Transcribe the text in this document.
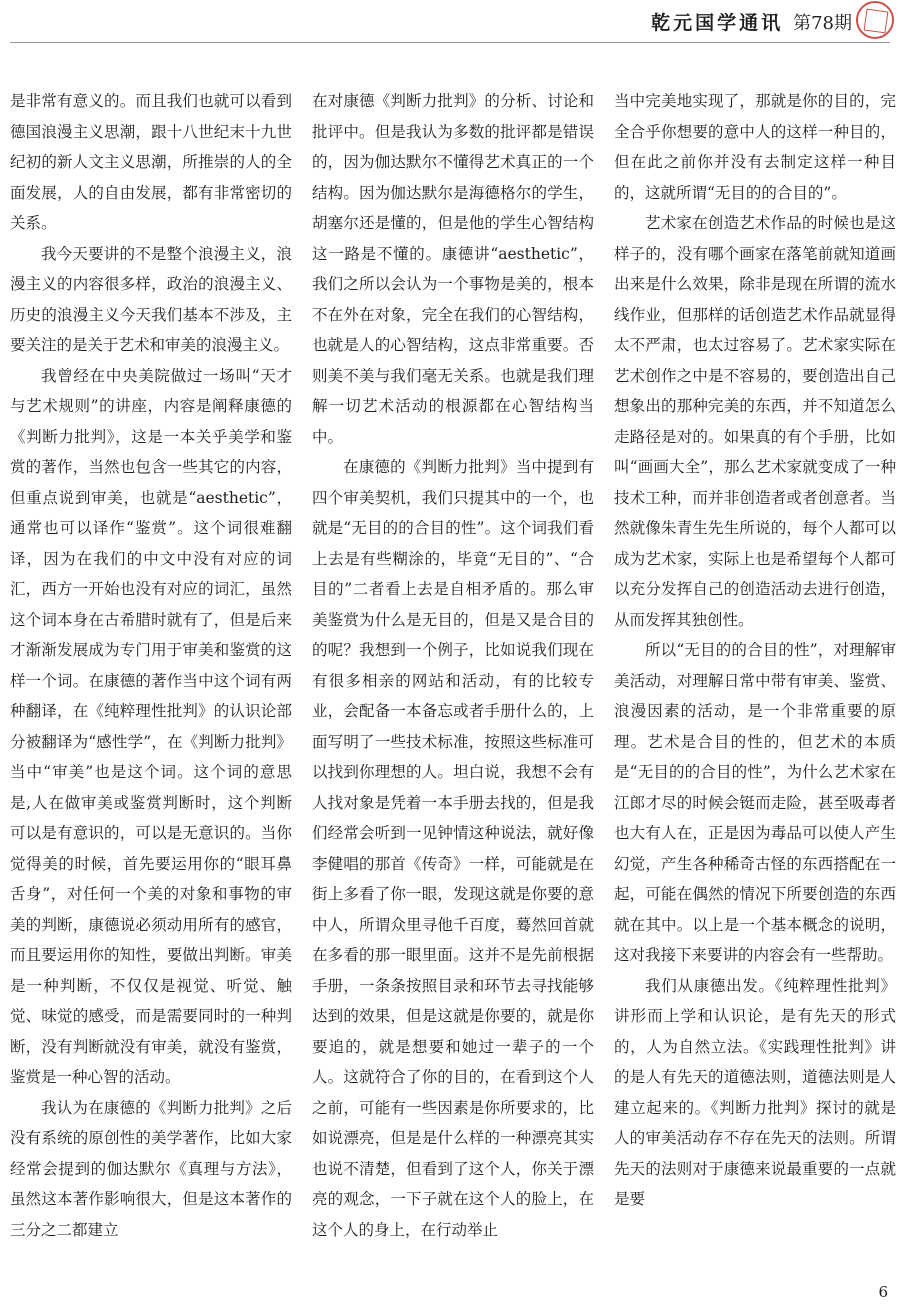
乾元国学通讯 第78期

是非常有意义的。而且我们也就可以看到德国浪漫主义思潮，跟十八世纪末十九世纪初的新人文主义思潮，所推崇的人的全面发展，人的自由发展，都有非常密切的关系。

我今天要讲的不是整个浪漫主义，浪漫主义的内容很多样，政治的浪漫主义、历史的浪漫主义今天我们基本不涉及，主要关注的是关于艺术和审美的浪漫主义。

我曾经在中央美院做过一场叫“天才与艺术规则”的讲座，内容是阐释康德的《判断力批判》，这是一本关乎美学和鉴赏的著作，当然也包含一些其它的内容，但重点说到审美，也就是“aesthetic”，通常也可以译作“鉴赏”。这个词很难翻译，因为在我们的中文中没有对应的词汇，西方一开始也没有对应的词汇，虽然这个词本身在古希腊时就有了，但是后来才渐渐发展成为专门用于审美和鉴赏的这样一个词。在康德的著作当中这个词有两种翻译，在《纯粹理性批判》的认识论部分被翻译为“感性学”，在《判断力批判》当中“审美”也是这个词。这个词的意思是,人在做审美或鉴赏判断时，这个判断可以是有意识的，可以是无意识的。当你觉得美的时候，首先要运用你的“眼耳鼻舌身”，对任何一个美的对象和事物的审美的判断，康德说必须动用所有的感官，而且要运用你的知性，要做出判断。审美是一种判断，不仅仅是视觉、听觉、触觉、味觉的感受，而是需要同时的一种判断，没有判断就没有审美，就没有鉴赏，鉴赏是一种心智的活动。

我认为在康德的《判断力批判》之后没有系统的原创性的美学著作，比如大家经常会提到的伽达默尔《真理与方法》，虽然这本著作影响很大，但是这本著作的三分之二都建立

在对康德《判断力批判》的分析、讨论和批评中。但是我认为多数的批评都是错误的，因为伽达默尔不懂得艺术真正的一个结构。因为伽达默尔是海德格尔的学生，胡塞尔还是懂的，但是他的学生心智结构这一路是不懂的。康德讲“aesthetic”，我们之所以会认为一个事物是美的，根本不在外在对象，完全在我们的心智结构，也就是人的心智结构，这点非常重要。否则美不美与我们毫无关系。也就是我们理解一切艺术活动的根源都在心智结构当中。

在康德的《判断力批判》当中提到有四个审美契机，我们只提其中的一个，也就是“无目的的合目的性”。这个词我们看上去是有些糊涂的，毕竟“无目的”、“合目的”二者看上去是自相矛盾的。那么审美鉴赏为什么是无目的，但是又是合目的的呢？我想到一个例子，比如说我们现在有很多相亲的网站和活动，有的比较专业，会配备一本备忘或者手册什么的，上面写明了一些技术标准，按照这些标准可以找到你理想的人。坦白说，我想不会有人找对象是凭着一本手册去找的，但是我们经常会听到一见钟情这种说法，就好像李健唱的那首《传奇》一样，可能就是在街上多看了你一眼，发现这就是你要的意中人，所谓众里寻他千百度，蓦然回首就在多看的那一眼里面。这并不是先前根据手册，一条条按照目录和环节去寻找能够达到的效果，但是这就是你要的，就是你要追的，就是想要和她过一辈子的一个人。这就符合了你的目的，在看到这个人之前，可能有一些因素是你所要求的，比如说漂亮，但是是什么样的一种漂亮其实也说不清楚，但看到了这个人，你关于漂亮的观念，一下子就在这个人的脸上，在这个人的身上，在行动举止

当中完美地实现了，那就是你的目的，完全合乎你想要的意中人的这样一种目的，但在此之前你并没有去制定这样一种目的，这就所谓“无目的的合目的”。

艺术家在创造艺术作品的时候也是这样子的，没有哪个画家在落笔前就知道画出来是什么效果，除非是现在所谓的流水线作业，但那样的话创造艺术作品就显得太不严肃，也太过容易了。艺术家实际在艺术创作之中是不容易的，要创造出自己想象出的那种完美的东西，并不知道怎么走路径是对的。如果真的有个手册，比如叫“画画大全”，那么艺术家就变成了一种技术工种，而并非创造者或者创意者。当然就像朱青生先生所说的，每个人都可以成为艺术家，实际上也是希望每个人都可以充分发挥自己的创造活动去进行创造，从而发挥其独创性。

所以“无目的的合目的性”，对理解审美活动，对理解日常中带有审美、鉴赏、浪漫因素的活动，是一个非常重要的原理。艺术是合目的性的，但艺术的本质是“无目的的合目的性”，为什么艺术家在江郎才尽的时候会铤而走险，甚至吸毒者也大有人在，正是因为毒品可以使人产生幻觉，产生各种稀奇古怪的东西搭配在一起，可能在偶然的情况下所要创造的东西就在其中。以上是一个基本概念的说明，这对我接下来要讲的内容会有一些帮助。

我们从康德出发。《纯粹理性批判》讲形而上学和认识论，是有先天的形式的，人为自然立法。《实践理性批判》讲的是人有先天的道德法则，道德法则是人建立起来的。《判断力批判》探讨的就是人的审美活动存不存在先天的法则。所谓先天的法则对于康德来说最重要的一点就是要

6
